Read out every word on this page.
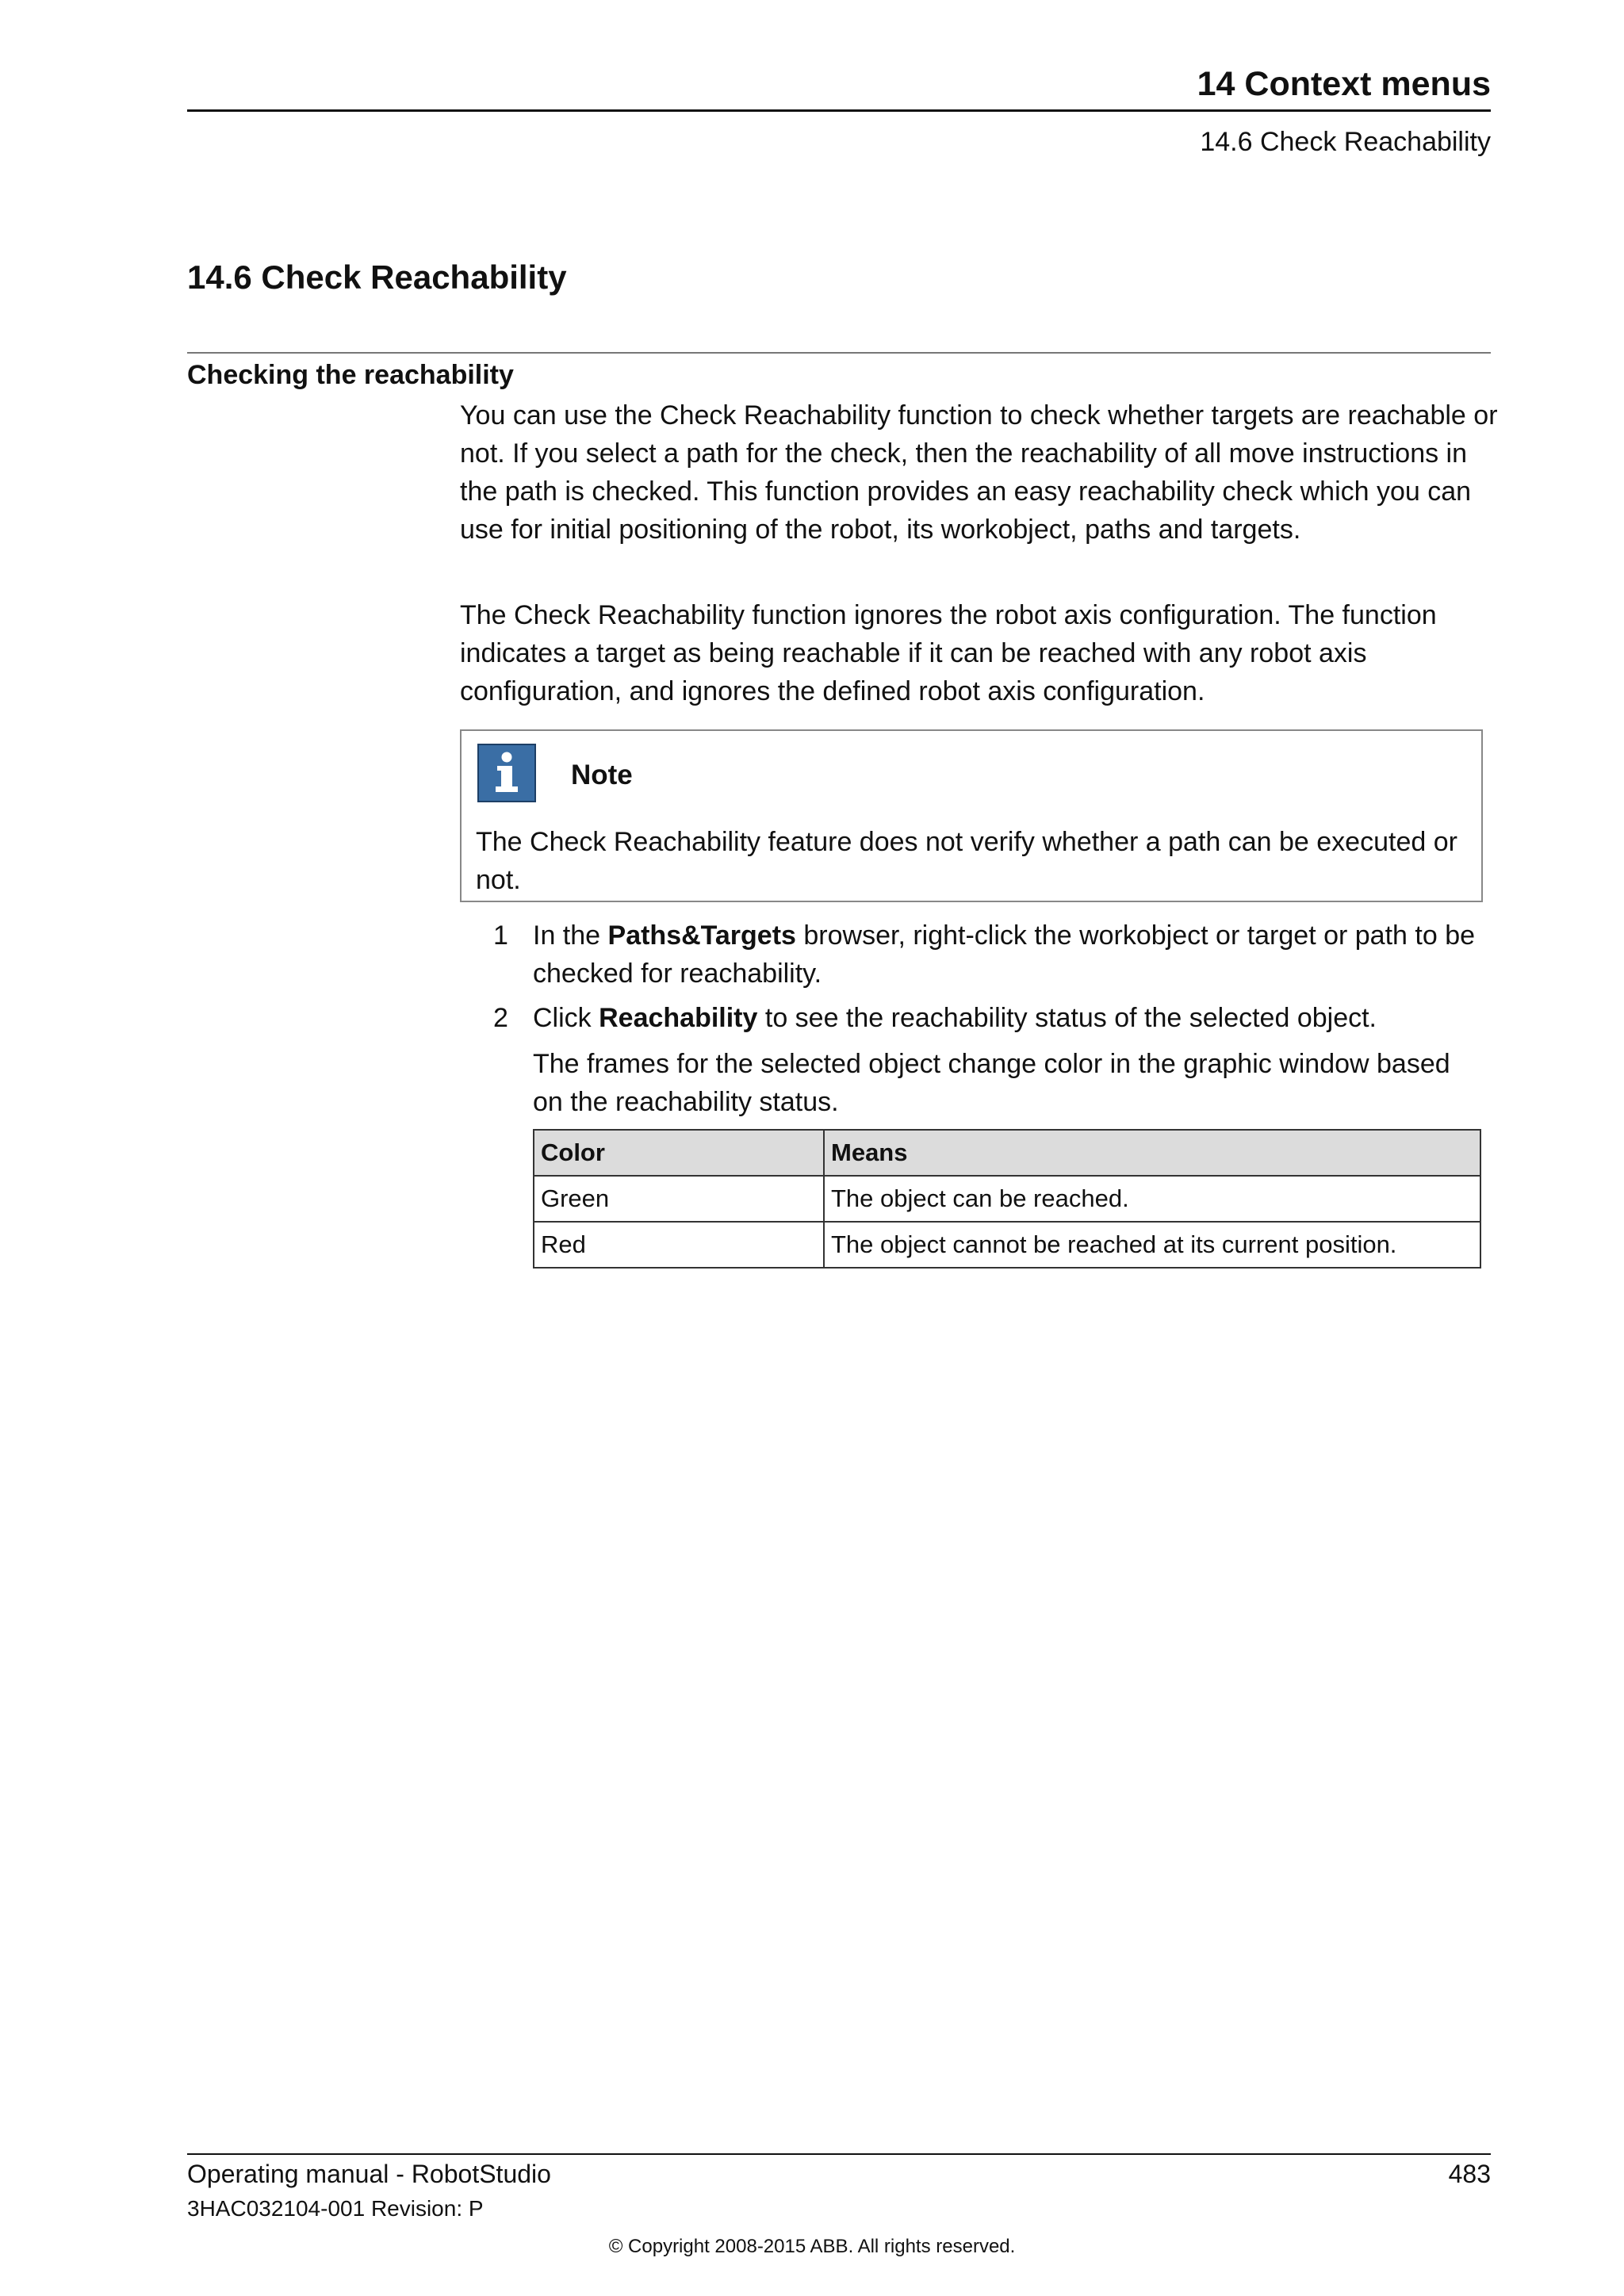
14 Context menus
14.6 Check Reachability
14.6 Check Reachability
Checking the reachability
You can use the Check Reachability function to check whether targets are reachable or not. If you select a path for the check, then the reachability of all move instructions in the path is checked. This function provides an easy reachability check which you can use for initial positioning of the robot, its workobject, paths and targets.
The Check Reachability function ignores the robot axis configuration. The function indicates a target as being reachable if it can be reached with any robot axis configuration, and ignores the defined robot axis configuration.
Note
The Check Reachability feature does not verify whether a path can be executed or not.
1 In the Paths&Targets browser, right-click the workobject or target or path to be checked for reachability.
2 Click Reachability to see the reachability status of the selected object.
The frames for the selected object change color in the graphic window based on the reachability status.
Color	Means
Green	The object can be reached.
Red	The object cannot be reached at its current position.
Operating manual - RobotStudio	483
3HAC032104-001 Revision: P
© Copyright 2008-2015 ABB. All rights reserved.
